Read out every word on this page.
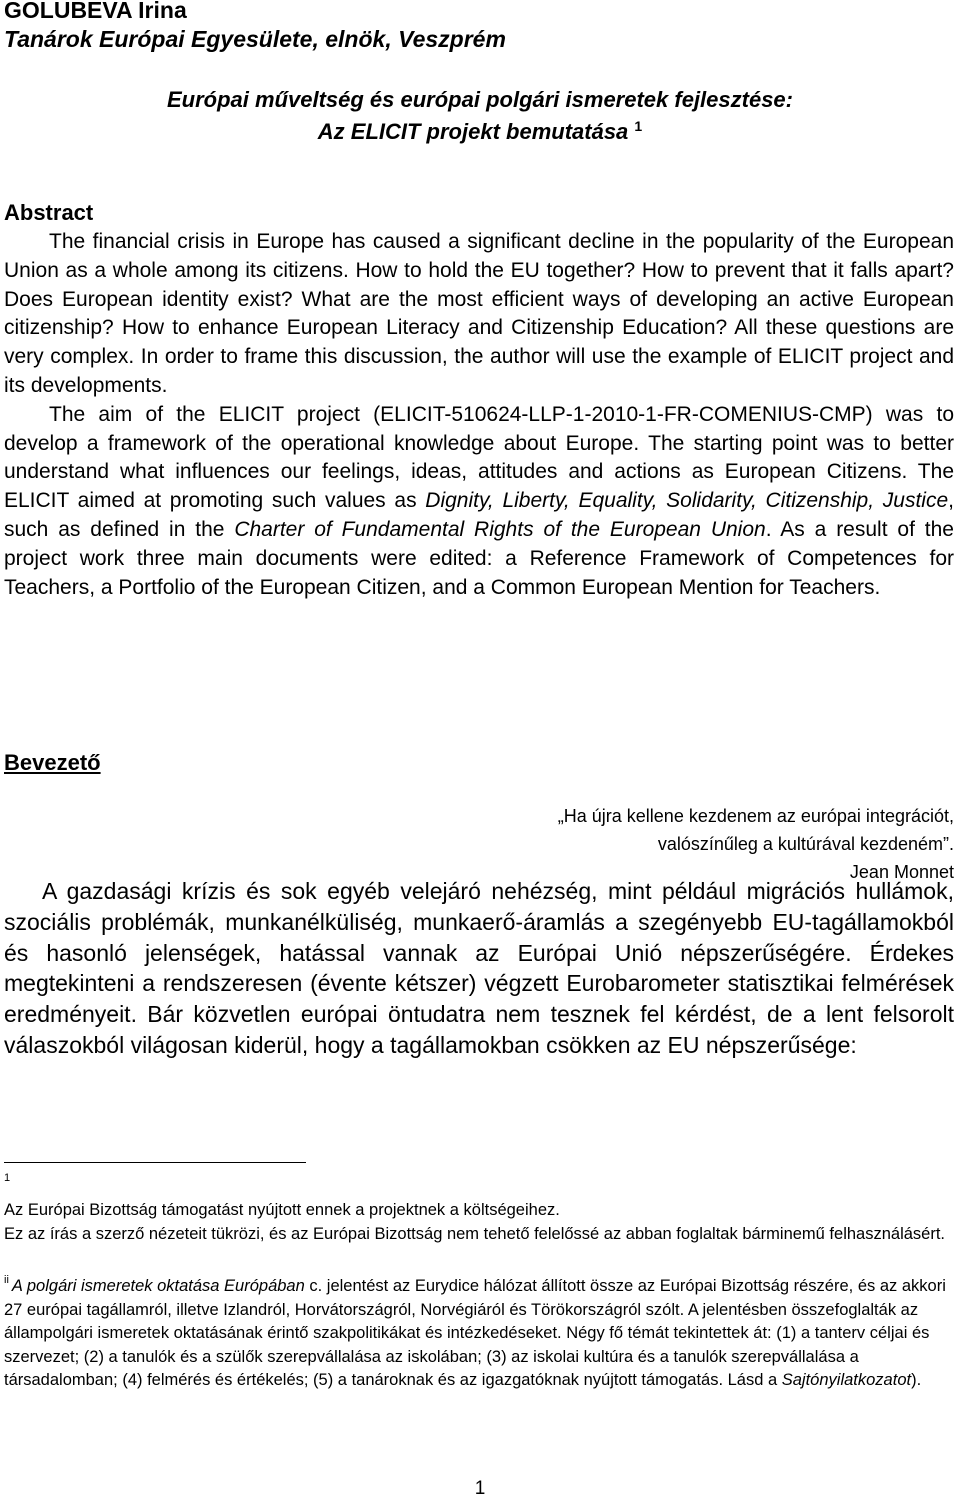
GOLUBEVA Irina

Tanárok Európai Egyesülete, elnök, Veszprém

Európai műveltség és európai polgári ismeretek fejlesztése:
Az ELICIT projekt bemutatása $^1$

Abstract

The financial crisis in Europe has caused a significant decline in the popularity of the European Union as a whole among its citizens. How to hold the EU together? How to prevent that it falls apart? Does European identity exist? What are the most efficient ways of developing an active European citizenship? How to enhance European Literacy and Citizenship Education? All these questions are very complex. In order to frame this discussion, the author will use the example of ELICIT project and its developments.

The aim of the ELICIT project (ELICIT-510624-LLP-1-2010-1-FR-COMENIUS-CMP) was to develop a framework of the operational knowledge about Europe. The starting point was to better understand what influences our feelings, ideas, attitudes and actions as European Citizens. The ELICIT aimed at promoting such values as Dignity, Liberty, Equality, Solidarity, Citizenship, Justice, such as defined in the Charter of Fundamental Rights of the European Union. As a result of the project work three main documents were edited: a Reference Framework of Competences for Teachers, a Portfolio of the European Citizen, and a Common European Mention for Teachers.

Bevezető

„Ha újra kellene kezdenem az európai integrációt,
valószínűleg a kultúrával kezdeném”.
Jean Monnet

A gazdasági krízis és sok egyéb velejáró nehézség, mint például migrációs hullámok, szociális problémák, munkanélküliség, munkaerő-áramlás a szegényebb EU-tagállamokból és hasonló jelenségek, hatással vannak az Európai Unió népszerűségére. Érdekes megtekinteni a rendszeresen (évente kétszer) végzett Eurobarometer statisztikai felmérések eredményeit. Bár közvetlen európai öntudatra nem tesznek fel kérdést, de a lent felsorolt válaszokból világosan kiderül, hogy a tagállamokban csökken az EU népszerűsége:

1
Az Európai Bizottság támogatást nyújtott ennek a projektnek a költségeihez.
Ez az írás a szerző nézeteit tükrözi, és az Európai Bizottság nem tehető felelőssé az abban foglaltak bárminemű felhasználásért.
$^{ii}$ A polgári ismeretek oktatása Európában c. jelentést az Eurydice hálózat állított össze az Európai Bizottság részére, és az akkori 27 európai tagállamról, illetve Izlandról, Horvátországról, Norvégiáról és Törökországról szólt. A jelentésben összefoglalták az állampolgári ismeretek oktatásának érintő szakpolitikákat és intézkedéseket. Négy fő témát tekintettek át: (1) a tanterv céljai és szervezet; (2) a tanulók és a szülők szerepvállalása az iskolában; (3) az iskolai kultúra és a tanulók szerepvállalása a társadalomban; (4) felmérés és értékelés; (5) a tanároknak és az igazgatóknak nyújtott támogatás. Lásd a Sajtónyilatkozatot).

1
